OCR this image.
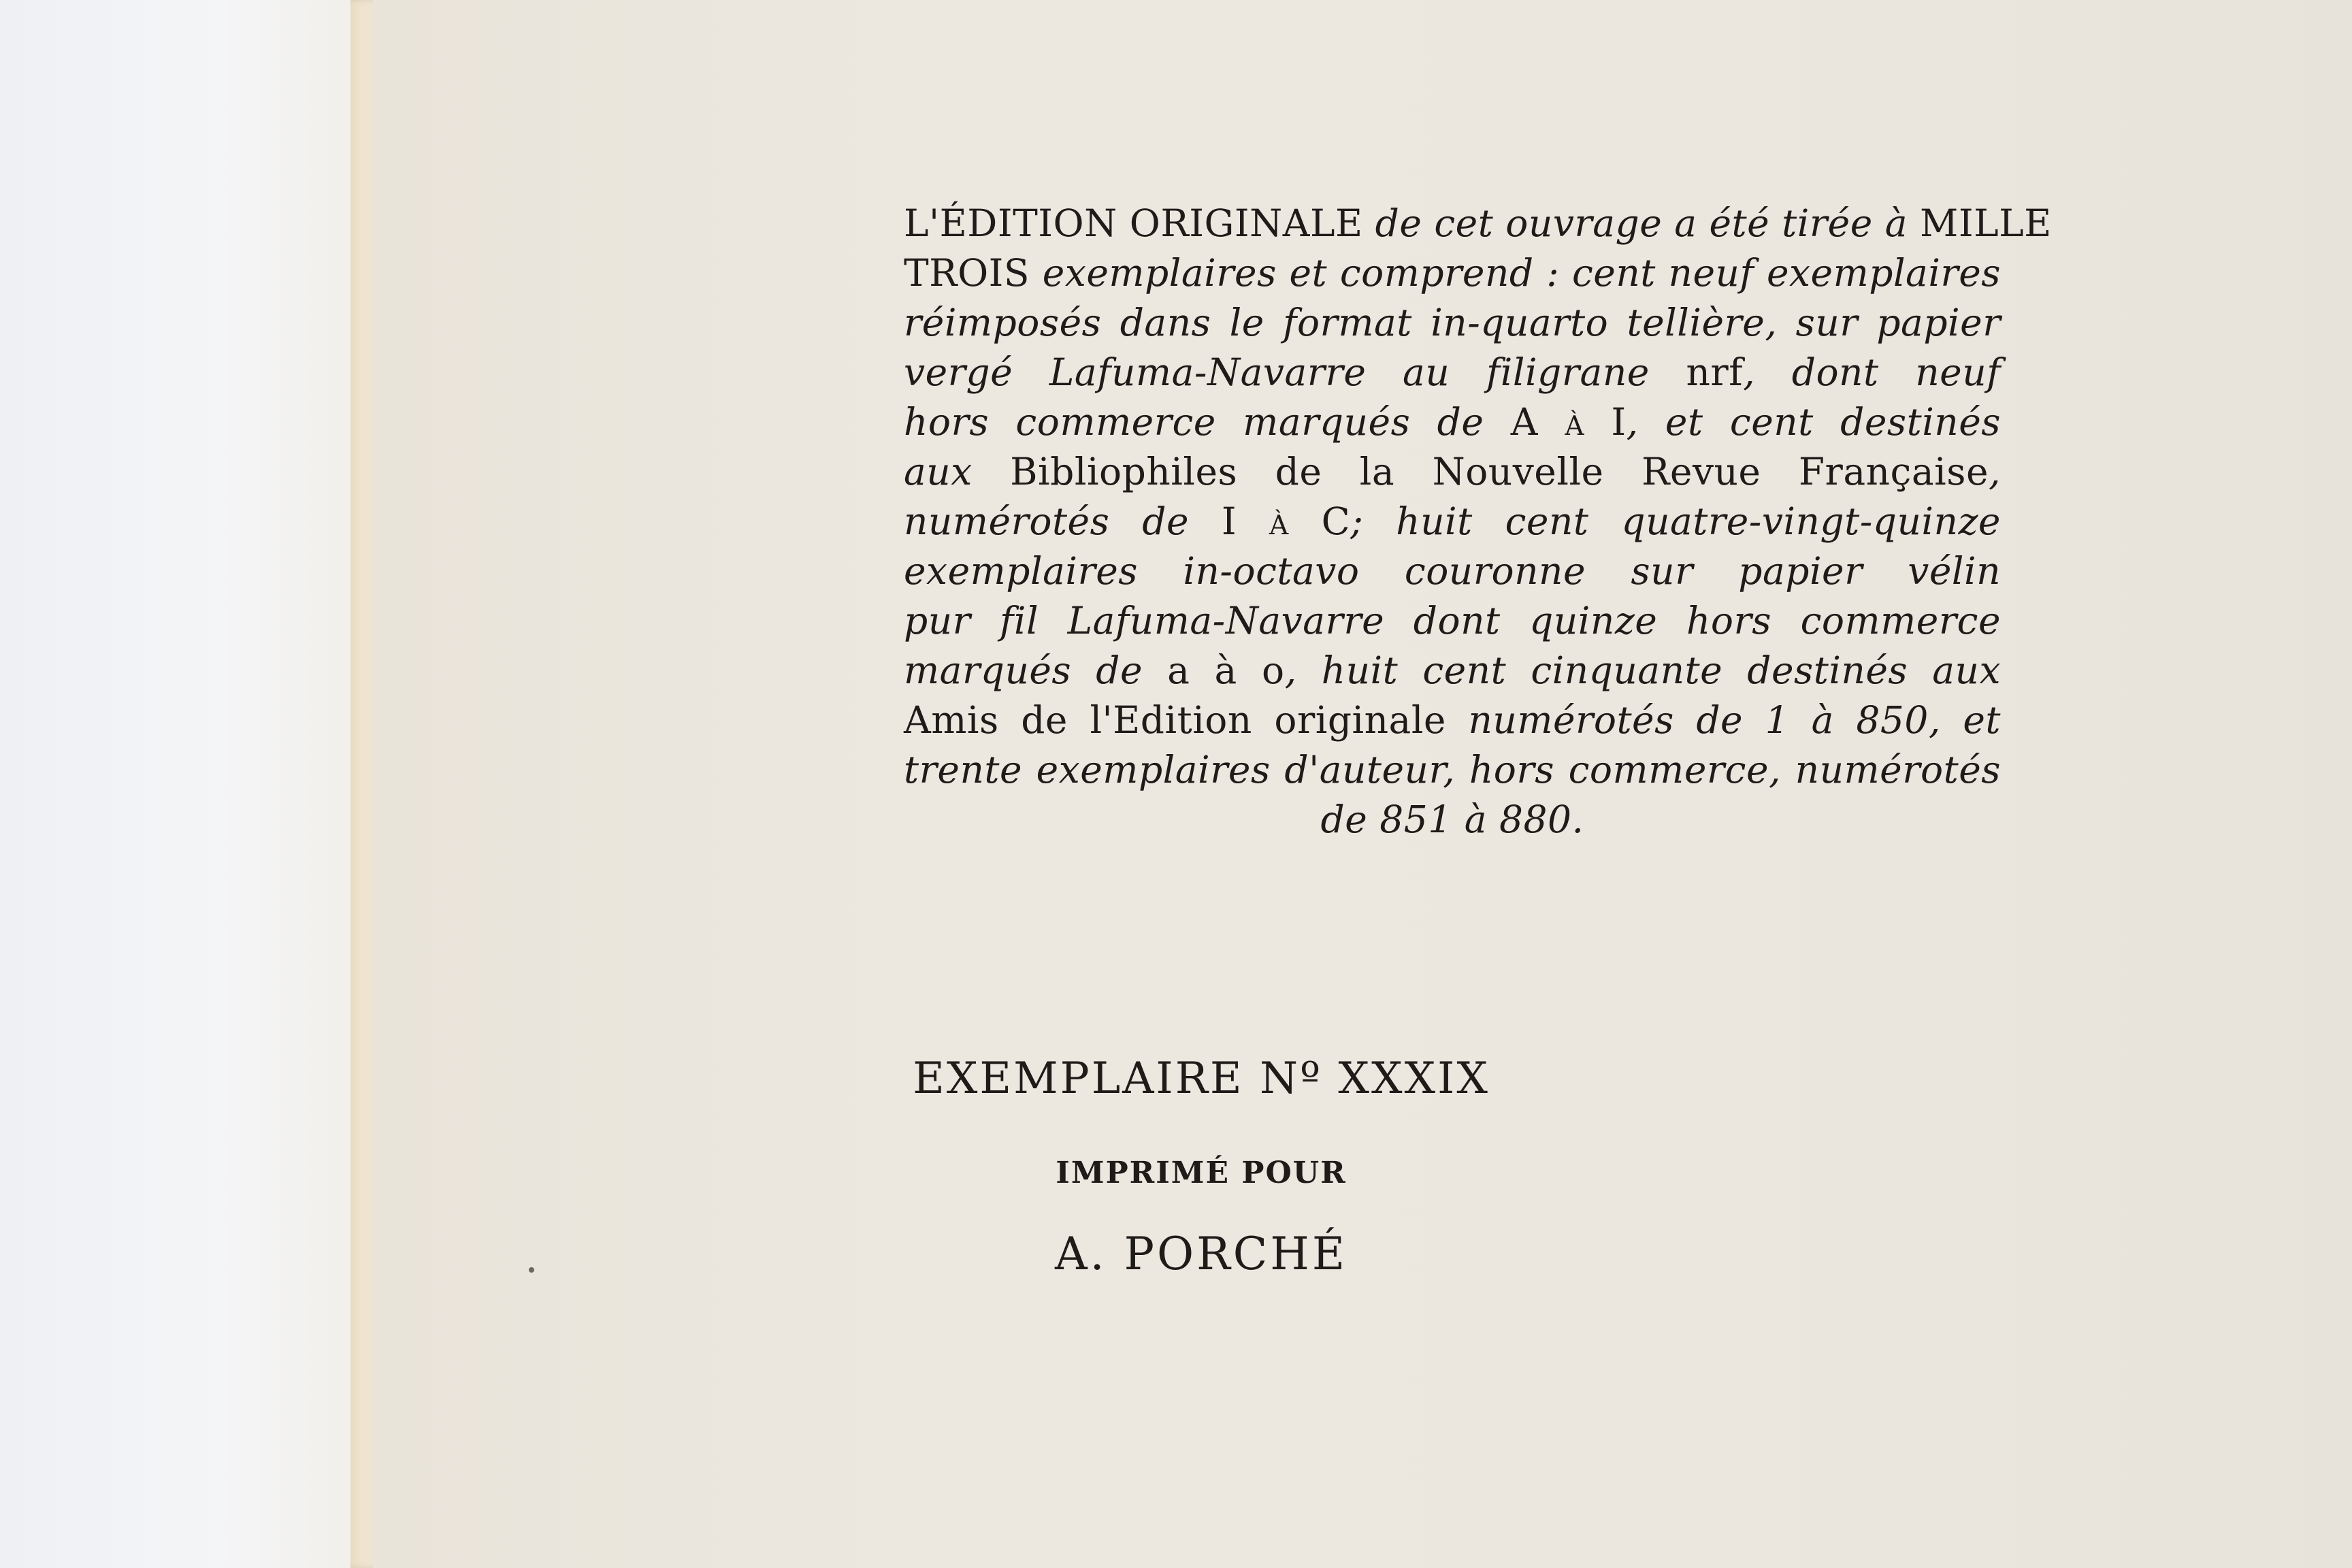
L'ÉDITION ORIGINALE de cet ouvrage a été tirée à MILLE
TROIS exemplaires et comprend : cent neuf exemplaires
réimposés dans le format in-quarto tellière, sur papier
vergé Lafuma-Navarre au filigrane nrf, dont neuf
hors commerce marqués de A à I, et cent destinés
aux Bibliophiles de la Nouvelle Revue Française,
numérotés de I à C; huit cent quatre-vingt-quinze
exemplaires in-octavo couronne sur papier vélin
pur fil Lafuma-Navarre dont quinze hors commerce
marqués de a à o, huit cent cinquante destinés aux
Amis de l'Edition originale numérotés de 1 à 850, et
trente exemplaires d'auteur, hors commerce, numérotés
de 851 à 880.
EXEMPLAIRE Nº XXXIX
IMPRIMÉ POUR
A. PORCHÉ
